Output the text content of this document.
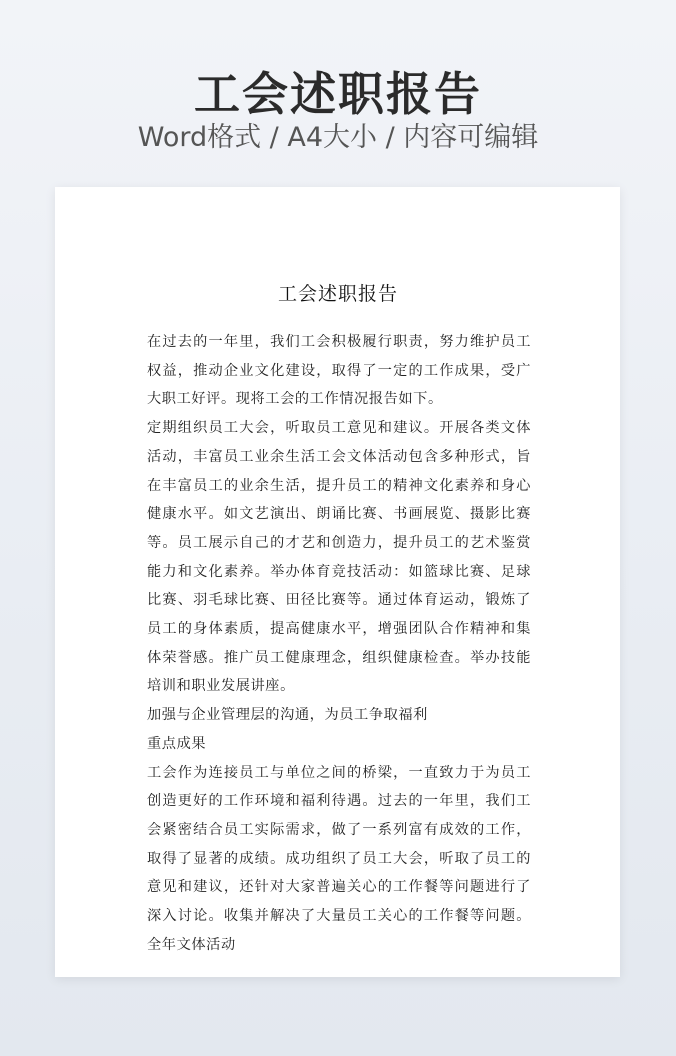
工会述职报告
Word格式 / A4大小 / 内容可编辑
工会述职报告

在过去的一年里，我们工会积极履行职责，努力维护员工权益，推动企业文化建设，取得了一定的工作成果，受广大职工好评。现将工会的工作情况报告如下。

定期组织员工大会，听取员工意见和建议。开展各类文体活动，丰富员工业余生活工会文体活动包含多种形式，旨在丰富员工的业余生活，提升员工的精神文化素养和身心健康水平。如文艺演出、朗诵比赛、书画展览、摄影比赛等。员工展示自己的才艺和创造力，提升员工的艺术鉴赏能力和文化素养。举办体育竞技活动：如篮球比赛、足球比赛、羽毛球比赛、田径比赛等。通过体育运动，锻炼了员工的身体素质，提高健康水平，增强团队合作精神和集体荣誉感。推广员工健康理念，组织健康检查。举办技能培训和职业发展讲座。

加强与企业管理层的沟通，为员工争取福利

重点成果

工会作为连接员工与单位之间的桥梁，一直致力于为员工创造更好的工作环境和福利待遇。过去的一年里，我们工会紧密结合员工实际需求，做了一系列富有成效的工作，取得了显著的成绩。成功组织了员工大会，听取了员工的意见和建议，还针对大家普遍关心的工作餐等问题进行了深入讨论。收集并解决了大量员工关心的工作餐等问题。全年文体活动
